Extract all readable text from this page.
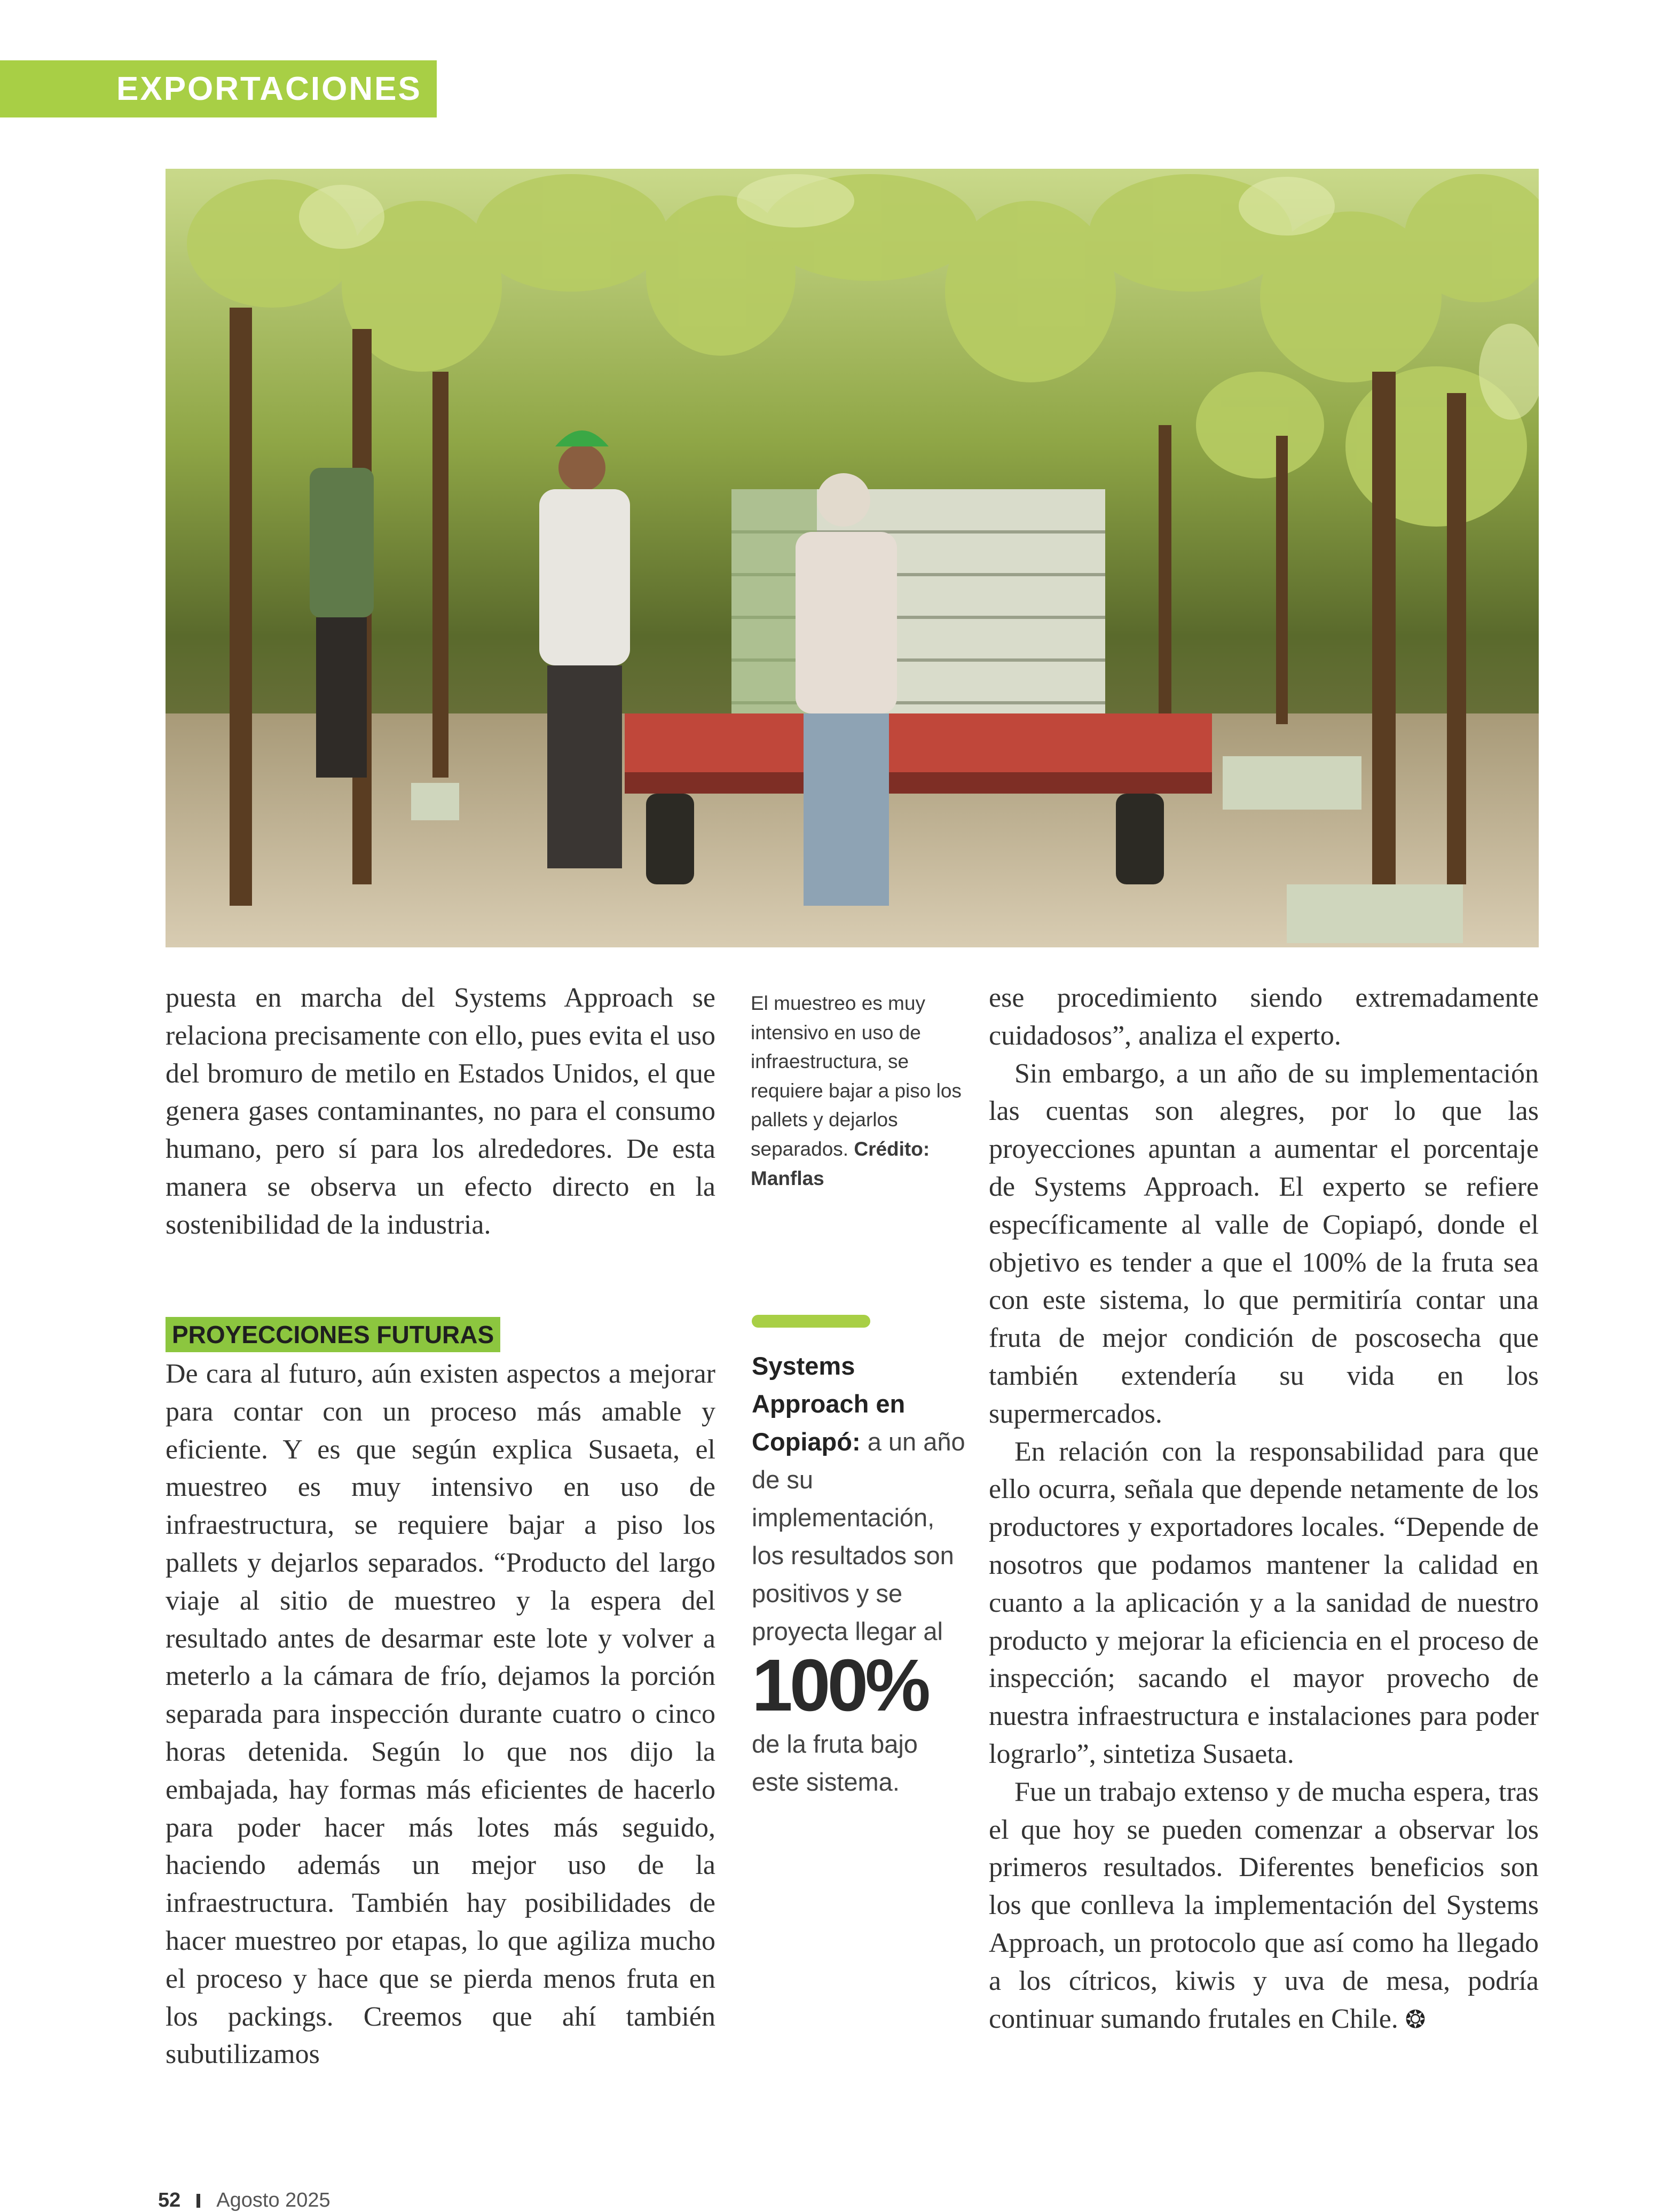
EXPORTACIONES

puesta en marcha del Systems Approach se relaciona precisamente con ello, pues evita el uso del bromuro de metilo en Estados Unidos, el que genera gases contaminantes, no para el consumo humano, pero sí para los alrededores. De esta manera se observa un efecto directo en la sostenibilidad de la industria.

PROYECCIONES FUTURAS

De cara al futuro, aún existen aspectos a mejorar para contar con un proceso más amable y eficiente. Y es que según explica Susaeta, el muestreo es muy intensivo en uso de infraestructura, se requiere bajar a piso los pallets y dejarlos separados. “Producto del largo viaje al sitio de muestreo y la espera del resultado antes de desarmar este lote y volver a meterlo a la cámara de frío, dejamos la porción separada para inspección durante cuatro o cinco horas detenida. Según lo que nos dijo la embajada, hay formas más eficientes de hacerlo para poder hacer más lotes más seguido, haciendo además un mejor uso de la infraestructura. También hay posibilidades de hacer muestreo por etapas, lo que agiliza mucho el proceso y hace que se pierda menos fruta en los packings. Creemos que ahí también subutilizamos

El muestreo es muy intensivo en uso de infraestructura, se requiere bajar a piso los pallets y dejarlos separados. Crédito: Manflas
Systems Approach en Copiapó: a un año de su implementación, los resultados son positivos y se proyecta llegar al
100%
de la fruta bajo este sistema.

ese procedimiento siendo extremadamente cuidadosos”, analiza el experto.

Sin embargo, a un año de su implementación las cuentas son alegres, por lo que las proyecciones apuntan a aumentar el porcentaje de Systems Approach. El experto se refiere específicamente al valle de Copiapó, donde el objetivo es tender a que el 100% de la fruta sea con este sistema, lo que permitiría contar una fruta de mejor condición de poscosecha que también extendería su vida en los supermercados.

En relación con la responsabilidad para que ello ocurra, señala que depende netamente de los productores y exportadores locales. “Depende de nosotros que podamos mantener la calidad en cuanto a la aplicación y a la sanidad de nuestro producto y mejorar la eficiencia en el proceso de inspección; sacando el mayor provecho de nuestra infraestructura e instalaciones para poder lograrlo”, sintetiza Susaeta.

Fue un trabajo extenso y de mucha espera, tras el que hoy se pueden comenzar a observar los primeros resultados. Diferentes beneficios son los que conlleva la implementación del Systems Approach, un protocolo que así como ha llegado a los cítricos, kiwis y uva de mesa, podría continuar sumando frutales en Chile. ❂

52 Agosto 2025
